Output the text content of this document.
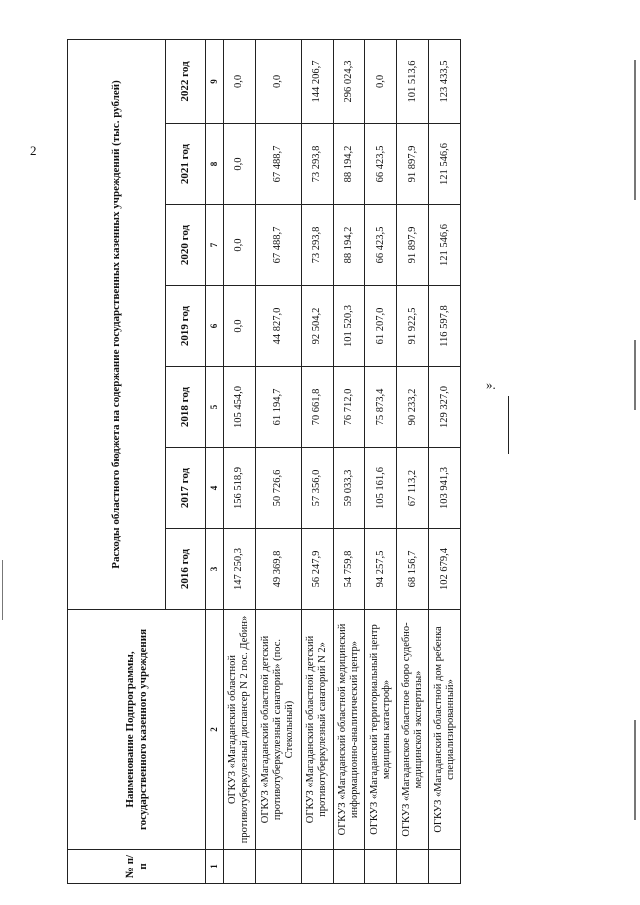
2
№ п/п	Наименование Подпрограммы, государственного казенного учреждения	Расходы областного бюджета на содержание государственных казенных учреждений (тыс. рублей)						
		2016 год	2017 год	2018 год	2019 год	2020 год	2021 год	2022 год
1	2	3	4	5	6	7	8	9
	ОГКУЗ «Магаданский областной противотуберкулезный диспансер N 2 пос. Дебин»	147 250,3	156 518,9	105 454,0	0,0	0,0	0,0	0,0
	ОГКУЗ «Магаданский областной детский противотуберкулезный санаторий» (пос. Стекольный)	49 369,8	50 726,6	61 194,7	44 827,0	67 488,7	67 488,7	0,0
	ОГКУЗ «Магаданский областной детский противотуберкулезный санаторий N 2»	56 247,9	57 356,0	70 661,8	92 504,2	73 293,8	73 293,8	144 206,7
	ОГКУЗ «Магаданский областной медицинский информационно-аналитический центр»	54 759,8	59 033,3	76 712,0	101 520,3	88 194,2	88 194,2	296 024,3
	ОГКУЗ «Магаданский территориальный центр медицины катастроф»	94 257,5	105 161,6	75 873,4	61 207,0	66 423,5	66 423,5	0,0
	ОГКУЗ «Магаданское областное бюро судебно-медицинской экспертизы»	68 156,7	67 113,2	90 233,2	91 922,5	91 897,9	91 897,9	101 513,6
	ОГКУЗ «Магаданский областной дом ребенка специализированный»	102 679,4	103 941,3	129 327,0	116 597,8	121 546,6	121 546,6	123 433,5
».
